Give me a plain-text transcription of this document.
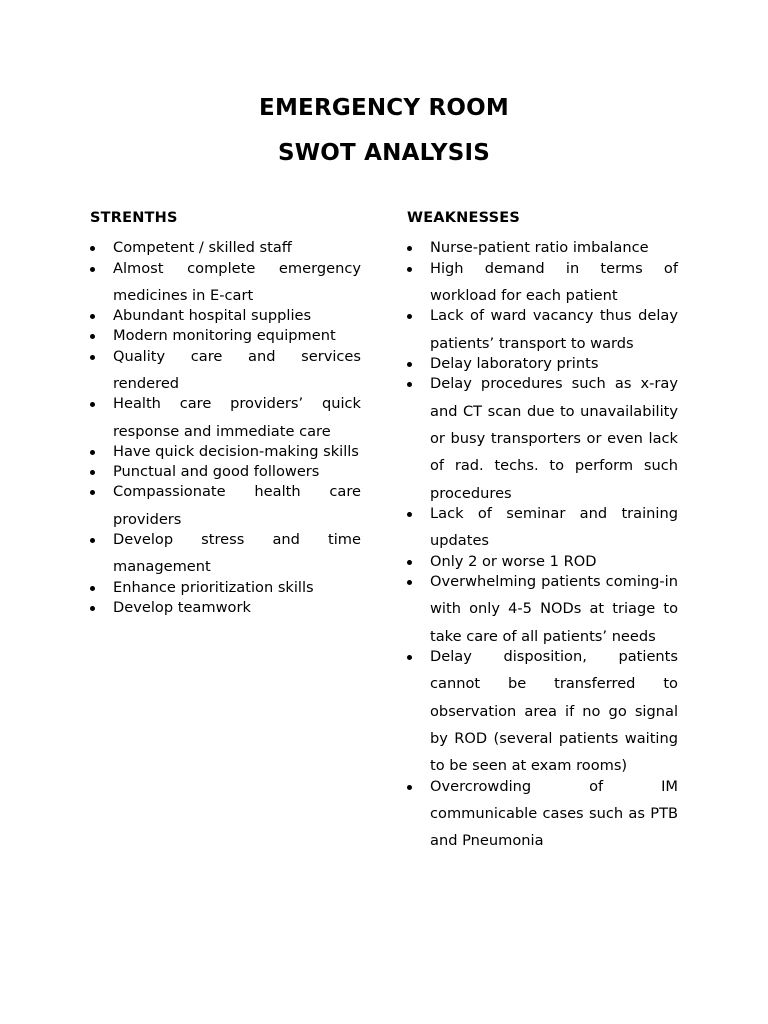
EMERGENCY ROOM
SWOT ANALYSIS
STRENTHS
Competent / skilled staff
Almost complete emergency medicines in E-cart
Abundant hospital supplies
Modern monitoring equipment
Quality care and services rendered
Health care providers’ quick response and immediate care
Have quick decision-making skills
Punctual and good followers
Compassionate health care providers
Develop stress and time management
Enhance prioritization skills
Develop teamwork
WEAKNESSES
Nurse-patient ratio imbalance
High demand in terms of workload for each patient
Lack of ward vacancy thus delay patients’ transport to wards
Delay laboratory prints
Delay procedures such as x-ray and CT scan due to unavailability or busy transporters or even lack of rad. techs. to perform such procedures
Lack of seminar and training updates
Only 2 or worse 1 ROD
Overwhelming patients coming-in with only 4-5 NODs at triage to take care of all patients’ needs
Delay disposition, patients cannot be transferred to observation area if no go signal by ROD (several patients waiting to be seen at exam rooms)
Overcrowding of IM communicable cases such as PTB and Pneumonia
